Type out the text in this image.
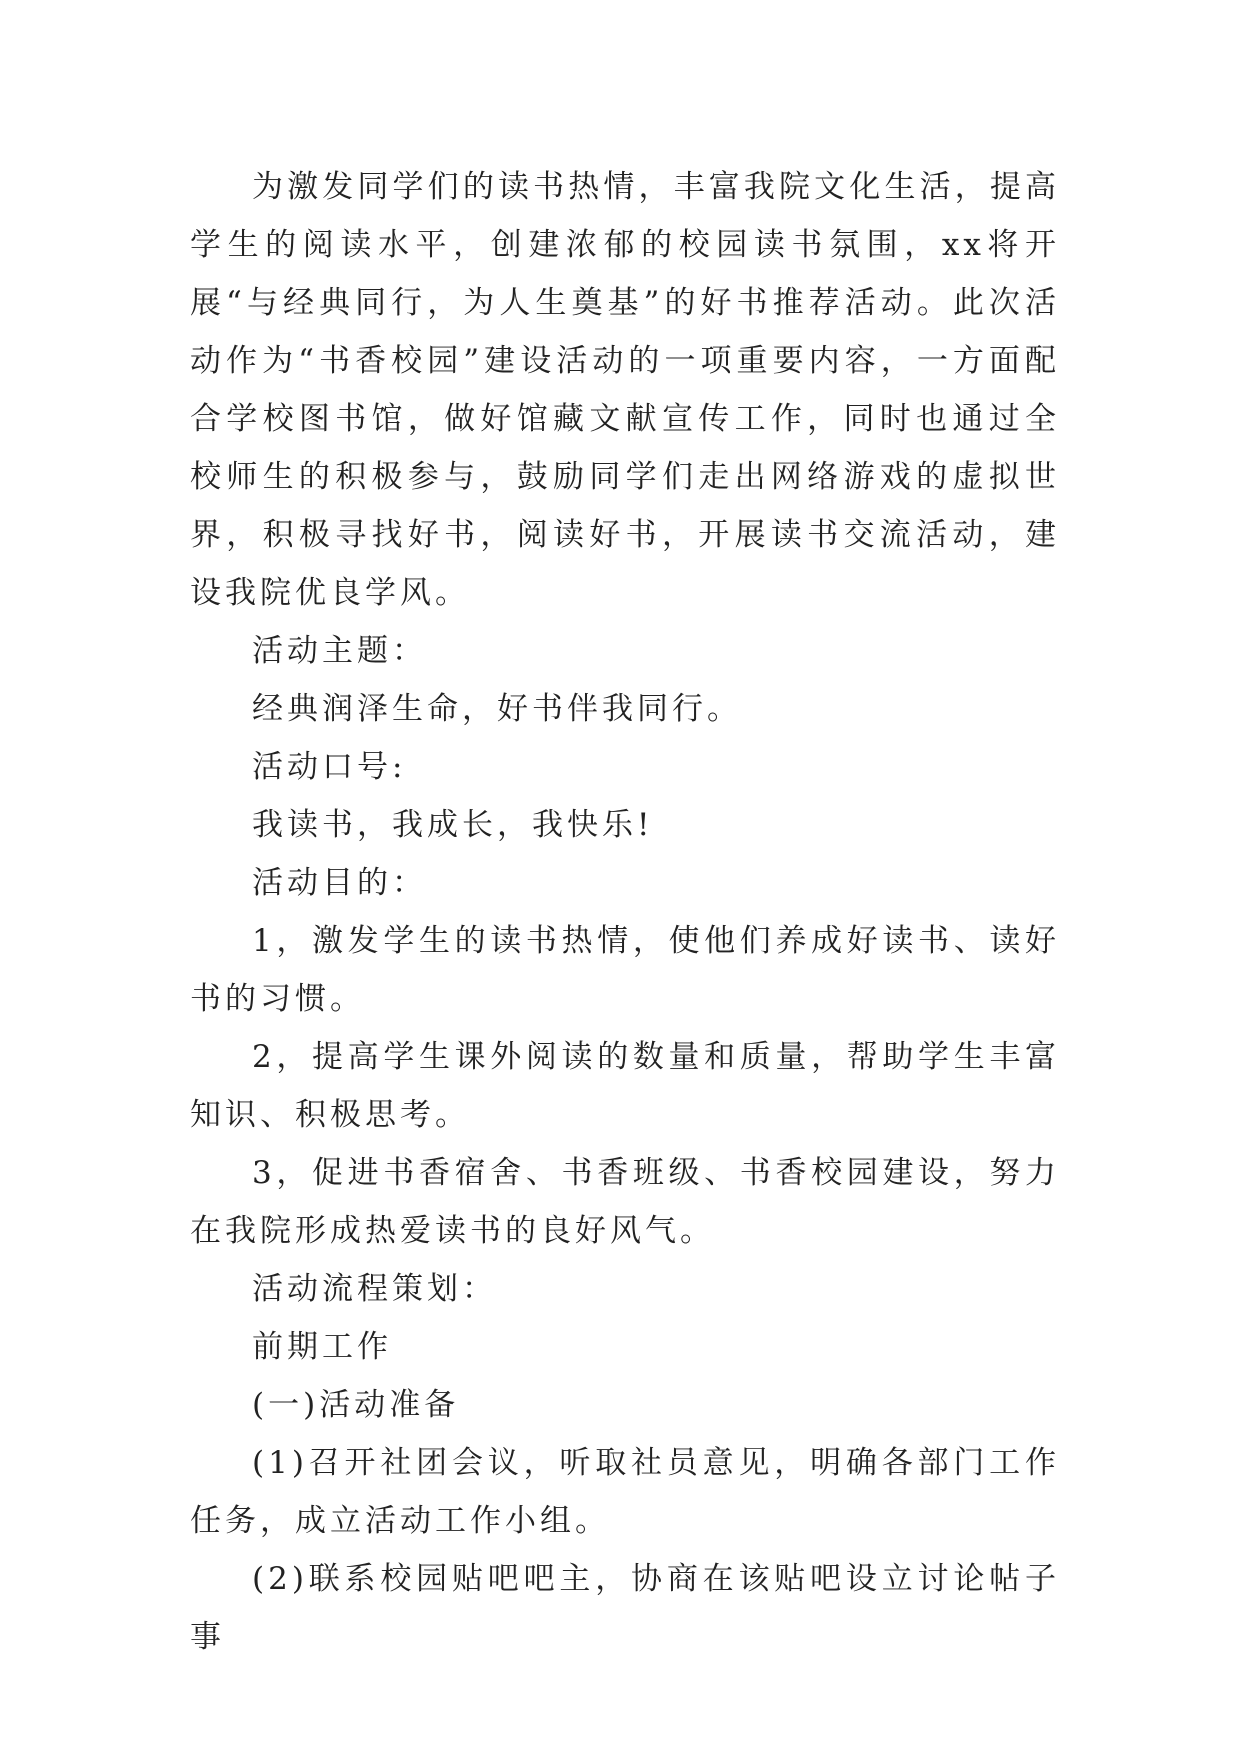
为激发同学们的读书热情，丰富我院文化生活，提高学生的阅读水平，创建浓郁的校园读书氛围，xx将开展“与经典同行，为人生奠基”的好书推荐活动。此次活动作为“书香校园”建设活动的一项重要内容，一方面配合学校图书馆，做好馆藏文献宣传工作，同时也通过全校师生的积极参与，鼓励同学们走出网络游戏的虚拟世界，积极寻找好书，阅读好书，开展读书交流活动，建设我院优良学风。

活动主题：

经典润泽生命，好书伴我同行。

活动口号:

我读书，我成长，我快乐!

活动目的：

1，激发学生的读书热情，使他们养成好读书、读好书的习惯。

2，提高学生课外阅读的数量和质量，帮助学生丰富知识、积极思考。

3，促进书香宿舍、书香班级、书香校园建设，努力在我院形成热爱读书的良好风气。

活动流程策划：

前期工作

(一)活动准备

(1)召开社团会议，听取社员意见，明确各部门工作任务，成立活动工作小组。

(2)联系校园贴吧吧主，协商在该贴吧设立讨论帖子事
